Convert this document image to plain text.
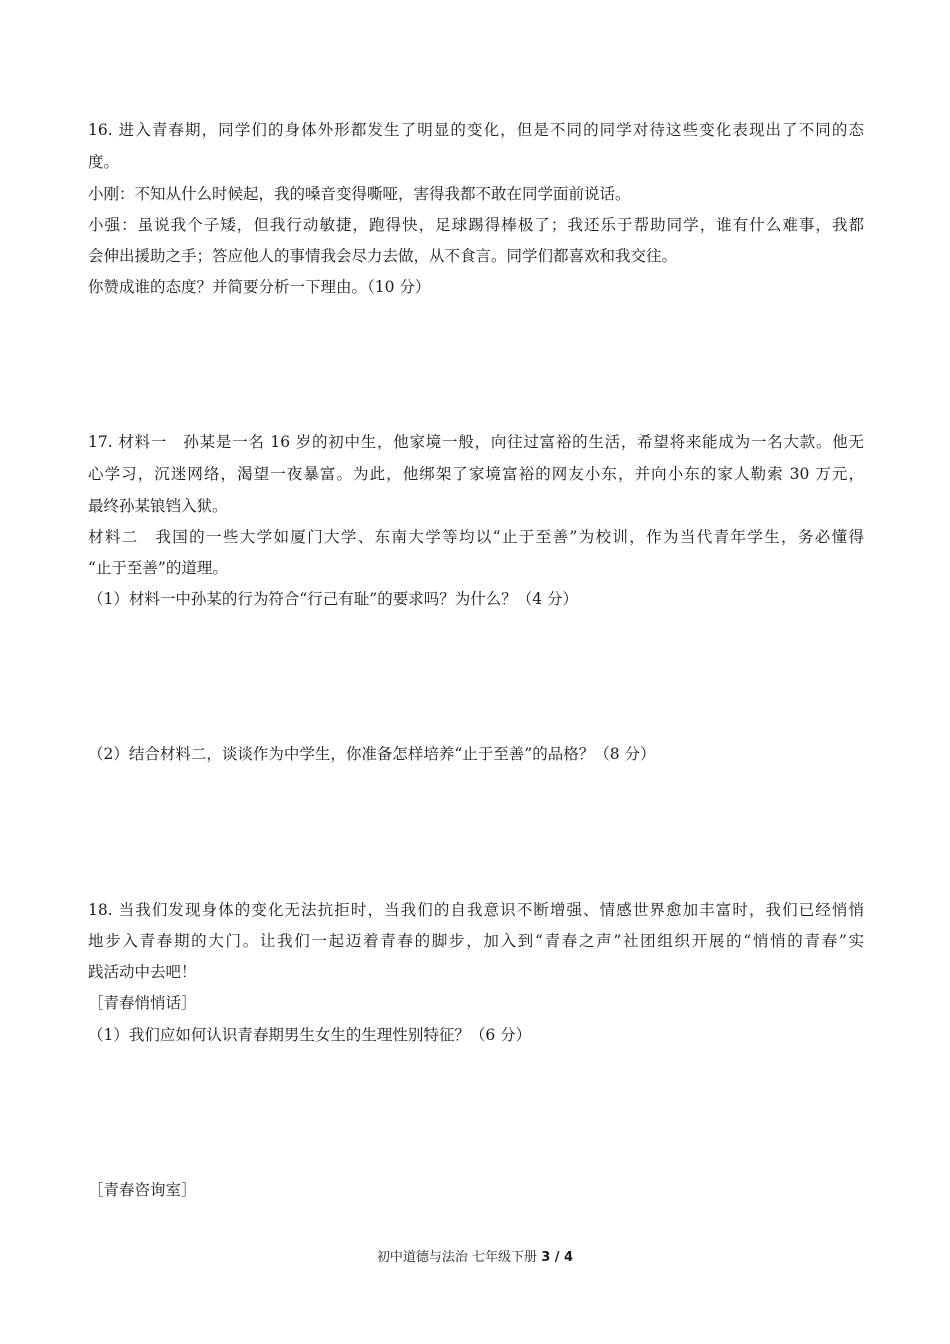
16. 进入青春期，同学们的身体外形都发生了明显的变化，但是不同的同学对待这些变化表现出了不同的态
度。
小刚：不知从什么时候起，我的嗓音变得嘶哑，害得我都不敢在同学面前说话。
小强：虽说我个子矮，但我行动敏捷，跑得快，足球踢得棒极了；我还乐于帮助同学，谁有什么难事，我都
会伸出援助之手；答应他人的事情我会尽力去做，从不食言。同学们都喜欢和我交往。
你赞成谁的态度？并简要分析一下理由。（10 分）
17. 材料一　孙某是一名 16 岁的初中生，他家境一般，向往过富裕的生活，希望将来能成为一名大款。他无
心学习，沉迷网络，渴望一夜暴富。为此，他绑架了家境富裕的网友小东，并向小东的家人勒索 30 万元，
最终孙某锒铛入狱。
材料二　我国的一些大学如厦门大学、东南大学等均以“止于至善”为校训，作为当代青年学生，务必懂得
“止于至善”的道理。
（1）材料一中孙某的行为符合“行己有耻”的要求吗？为什么？（4 分）
（2）结合材料二，谈谈作为中学生，你准备怎样培养“止于至善”的品格？（8 分）
18. 当我们发现身体的变化无法抗拒时，当我们的自我意识不断增强、情感世界愈加丰富时，我们已经悄悄
地步入青春期的大门。让我们一起迈着青春的脚步，加入到“青春之声”社团组织开展的“悄悄的青春”实
践活动中去吧！
［青春悄悄话］
（1）我们应如何认识青春期男生女生的生理性别特征？（6 分）
［青春咨询室］
初中道德与法治 七年级下册 3 / 4
